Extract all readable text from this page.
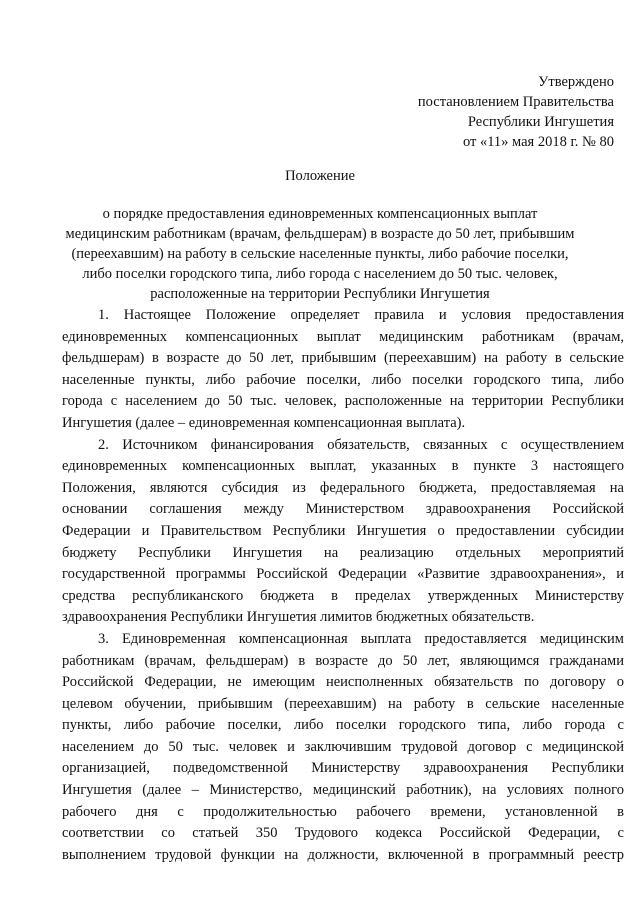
Утверждено
постановлением Правительства
Республики Ингушетия
от «11» мая 2018 г. № 80
Положение
о порядке предоставления единовременных компенсационных выплат
медицинским работникам (врачам, фельдшерам) в возрасте до 50 лет, прибывшим
(переехавшим) на работу в сельские населенные пункты, либо рабочие поселки,
либо поселки городского типа, либо города с населением до 50 тыс. человек,
расположенные на территории Республики Ингушетия
1. Настоящее Положение определяет правила и условия предоставления
единовременных компенсационных выплат медицинским работникам (врачам,
фельдшерам) в возрасте до 50 лет, прибывшим (переехавшим) на работу в сельские
населенные пункты, либо рабочие поселки, либо поселки городского типа, либо
города с населением до 50 тыс. человек, расположенные на территории Республики
Ингушетия (далее – единовременная компенсационная выплата).
2. Источником финансирования обязательств, связанных с осуществлением
единовременных компенсационных выплат, указанных в пункте 3 настоящего
Положения, являются субсидия из федерального бюджета, предоставляемая на
основании соглашения между Министерством здравоохранения Российской
Федерации и Правительством Республики Ингушетия о предоставлении субсидии
бюджету Республики Ингушетия на реализацию отдельных мероприятий
государственной программы Российской Федерации «Развитие здравоохранения», и
средства республиканского бюджета в пределах утвержденных Министерству
здравоохранения Республики Ингушетия лимитов бюджетных обязательств.
3. Единовременная компенсационная выплата предоставляется медицинским
работникам (врачам, фельдшерам) в возрасте до 50 лет, являющимся гражданами
Российской Федерации, не имеющим неисполненных обязательств по договору о
целевом обучении, прибывшим (переехавшим) на работу в сельские населенные
пункты, либо рабочие поселки, либо поселки городского типа, либо города с
населением до 50 тыс. человек и заключившим трудовой договор с медицинской
организацией, подведомственной Министерству здравоохранения Республики
Ингушетия (далее – Министерство, медицинский работник), на условиях полного
рабочего дня с продолжительностью рабочего времени, установленной в
соответствии со статьей 350 Трудового кодекса Российской Федерации, с
выполнением трудовой функции на должности, включенной в программный реестр
